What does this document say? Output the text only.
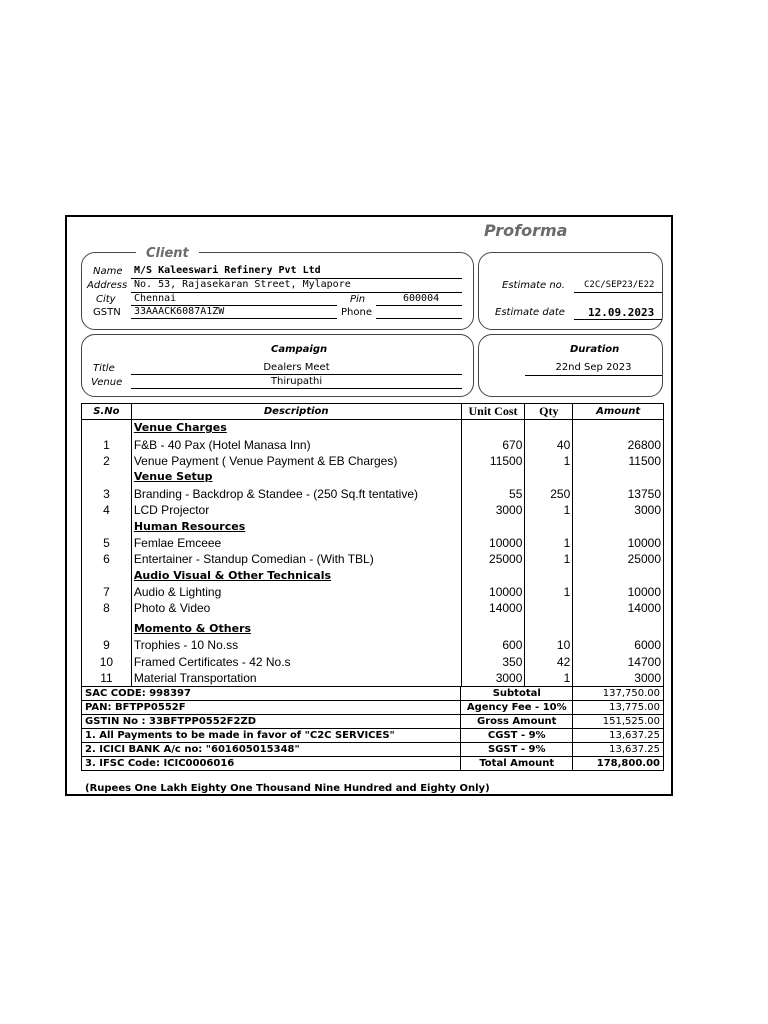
Proforma
Client
Name M/S Kaleeswari Refinery Pvt Ltd
Address No. 53, Rajasekaran Street, Mylapore
City Chennai	Pin	600004
GSTN 33AAACK6087A1ZW	Phone
Estimate no. C2C/SEP23/E22
Estimate date 12.09.2023
Campaign
Title	Dealers Meet
Venue	Thirupathi
Duration
22nd Sep 2023
S.No	Description	Unit Cost	Qty	Amount
	Venue Charges			
1	F&B - 40 Pax (Hotel Manasa Inn)	670	40	26800
2	Venue Payment ( Venue Payment & EB Charges)	11500	1	11500
	Venue Setup			
3	Branding - Backdrop & Standee - (250 Sq.ft tentative)	55	250	13750
4	LCD Projector	3000	1	3000
	Human Resources			
5	Femlae Emceee	10000	1	10000
6	Entertainer - Standup Comedian - (With TBL)	25000	1	25000
	Audio Visual & Other Technicals			
7	Audio & Lighting	10000	1	10000
8	Photo & Video	14000		14000

	Momento & Others			
9	Trophies - 10 No.ss	600	10	6000
10	Framed Certificates - 42 No.s	350	42	14700
11	Material Transportation	3000	1	3000
SAC CODE: 998397	Subtotal	137,750.00
PAN: BFTPP0552F	Agency Fee - 10%	13,775.00
GSTIN No : 33BFTPP0552F2ZD	Gross Amount	151,525.00
1. All Payments to be made in favor of "C2C SERVICES"	CGST - 9%	13,637.25
2. ICICI BANK A/c no: "601605015348"	SGST - 9%	13,637.25
3. IFSC Code: ICIC0006016	Total Amount	178,800.00
(Rupees One Lakh Eighty One Thousand Nine Hundred and Eighty Only)
